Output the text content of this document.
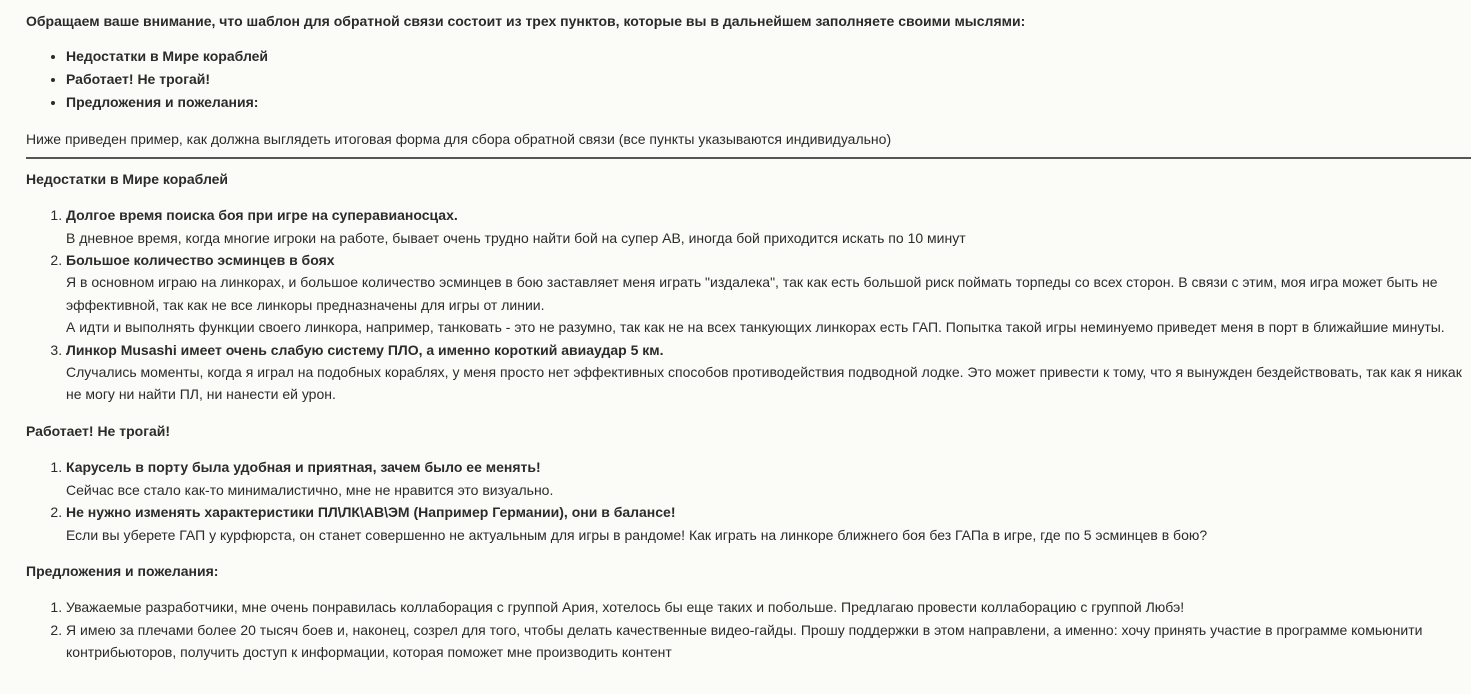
Обращаем ваше внимание, что шаблон для обратной связи состоит из трех пунктов, которые вы в дальнейшем заполняете своими мыслями:

• Недостатки в Мире кораблей
• Работает! Не трогай!
• Предложения и пожелания:

Ниже приведен пример, как должна выглядеть итоговая форма для сбора обратной связи (все пункты указываются индивидуально)

Недостатки в Мире кораблей

1. Долгое время поиска боя при игре на суперавианосцах.
В дневное время, когда многие игроки на работе, бывает очень трудно найти бой на супер АВ, иногда бой приходится искать по 10 минут
2. Большое количество эсминцев в боях
Я в основном играю на линкорах, и большое количество эсминцев в бою заставляет меня играть "издалека", так как есть большой риск поймать торпеды со всех сторон. В связи с этим, моя игра может быть не эффективной, так как не все линкоры предназначены для игры от линии.
А идти и выполнять функции своего линкора, например, танковать - это не разумно, так как не на всех танкующих линкорах есть ГАП. Попытка такой игры неминуемо приведет меня в порт в ближайшие минуты.
3. Линкор Musashi имеет очень слабую систему ПЛО, а именно короткий авиаудар 5 км.
Случались моменты, когда я играл на подобных кораблях, у меня просто нет эффективных способов противодействия подводной лодке. Это может привести к тому, что я вынужден бездействовать, так как я никак не могу ни найти ПЛ, ни нанести ей урон.

Работает! Не трогай!

1. Карусель в порту была удобная и приятная, зачем было ее менять!
Сейчас все стало как-то минималистично, мне не нравится это визуально.
2. Не нужно изменять характеристики ПЛ\ЛК\АВ\ЭМ (Например Германии), они в балансе!
Если вы уберете ГАП у курфюрста, он станет совершенно не актуальным для игры в рандоме! Как играть на линкоре ближнего боя без ГАПа в игре, где по 5 эсминцев в бою?

Предложения и пожелания:

1. Уважаемые разработчики, мне очень понравилась коллаборация с группой Ария, хотелось бы еще таких и побольше. Предлагаю провести коллаборацию с группой Любэ!
2. Я имею за плечами более 20 тысяч боев и, наконец, созрел для того, чтобы делать качественные видео-гайды. Прошу поддержки в этом направлени, а именно: хочу принять участие в программе комьюнити контрибьюторов, получить доступ к информации, которая поможет мне производить контент
